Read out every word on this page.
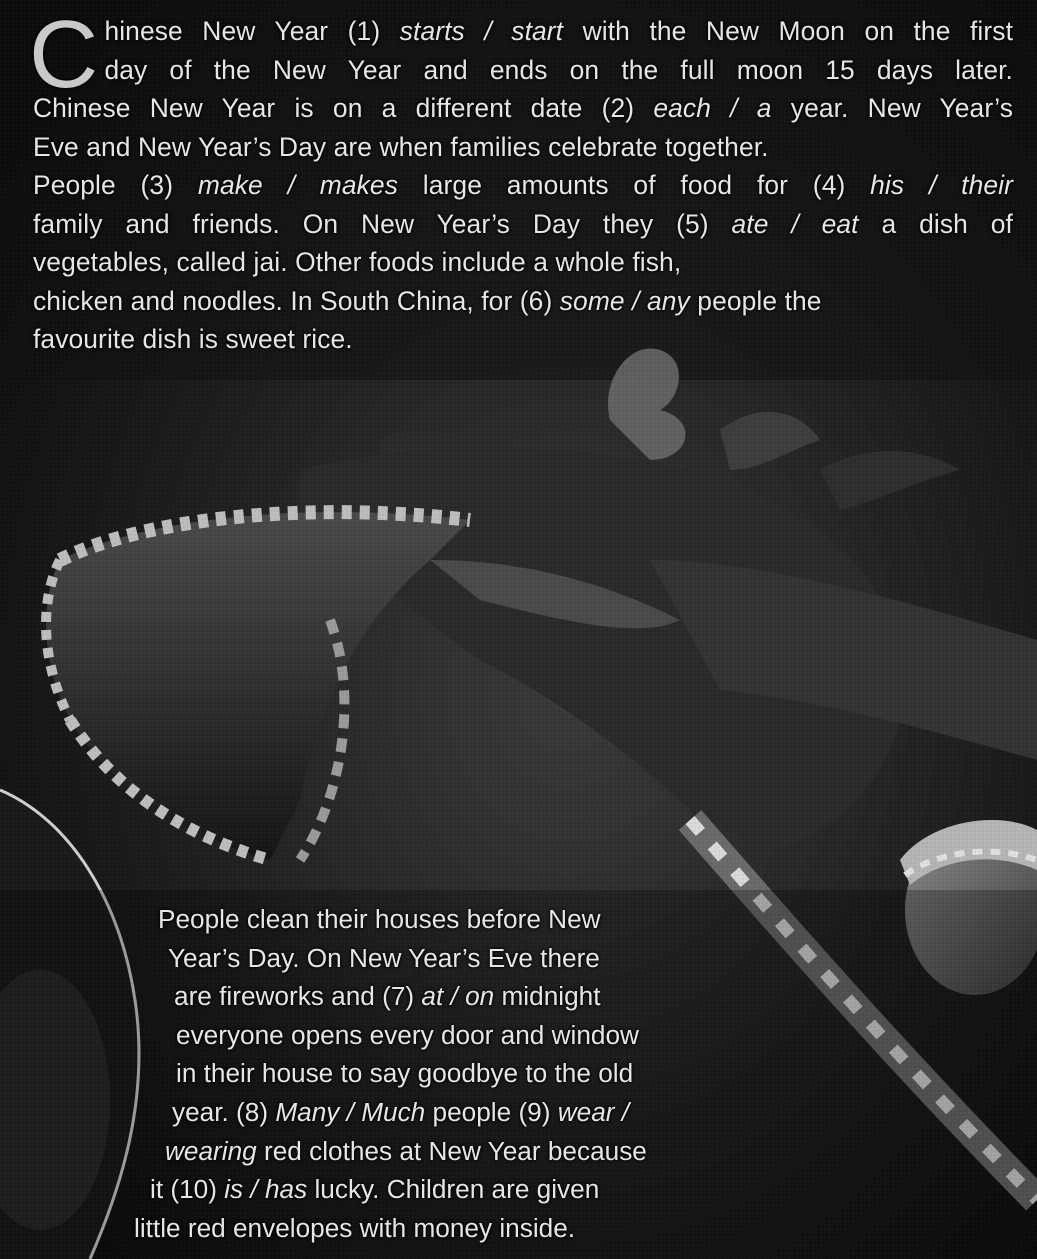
C hinese New Year (1) starts / start with the New Moon on the first
day of the New Year and ends on the full moon 15 days later.
Chinese New Year is on a different date (2) each / a year. New Year’s
Eve and New Year’s Day are when families celebrate together.
People (3) make / makes large amounts of food for (4) his / their
family and friends. On New Year’s Day they (5) ate / eat a dish of
vegetables, called jai. Other foods include a whole fish,
chicken and noodles. In South China, for (6) some / any people the
favourite dish is sweet rice.
People clean their houses before New
Year’s Day. On New Year’s Eve there
are fireworks and (7) at / on midnight
everyone opens every door and window
in their house to say goodbye to the old
year. (8) Many / Much people (9) wear /
wearing red clothes at New Year because
it (10) is / has lucky. Children are given
little red envelopes with money inside.
